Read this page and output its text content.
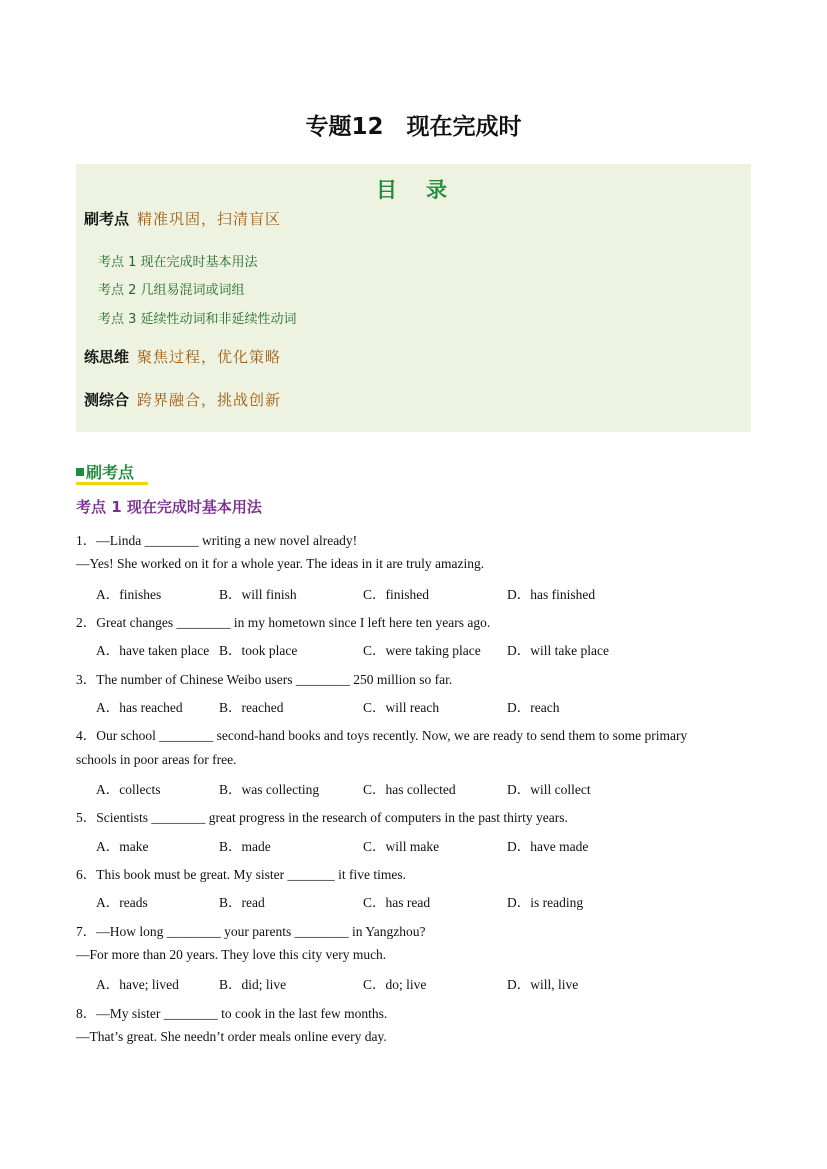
专题12　现在完成时
目　录
刷考点 精准巩固，扫清盲区
考点 1 现在完成时基本用法
考点 2 几组易混词或词组
考点 3 延续性动词和非延续性动词
练思维 聚焦过程，优化策略
测综合 跨界融合，挑战创新
刷考点
考点 1 现在完成时基本用法
1．—Linda ________ writing a new novel already!
—Yes! She worked on it for a whole year. The ideas in it are truly amazing.
A．finishes	B．will finish	C．finished	D．has finished
2．Great changes ________ in my hometown since I left here ten years ago.
A．have taken place B．took place	C．were taking place D．will take place
3．The number of Chinese Weibo users ________ 250 million so far.
A．has reached	B．reached	C．will reach	D．reach
4．Our school ________ second-hand books and toys recently. Now, we are ready to send them to some primary
schools in poor areas for free.
A．collects	B．was collecting	C．has collected	D．will collect
5．Scientists ________ great progress in the research of computers in the past thirty years.
A．make	B．made	C．will make	D．have made
6．This book must be great. My sister _______ it five times.
A．reads	B．read	C．has read	D．is reading
7．—How long ________ your parents ________ in Yangzhou?
—For more than 20 years. They love this city very much.
A．have; lived	B．did; live	C．do; live	D．will, live
8．—My sister ________ to cook in the last few months.
—That’s great. She needn’t order meals online every day.
